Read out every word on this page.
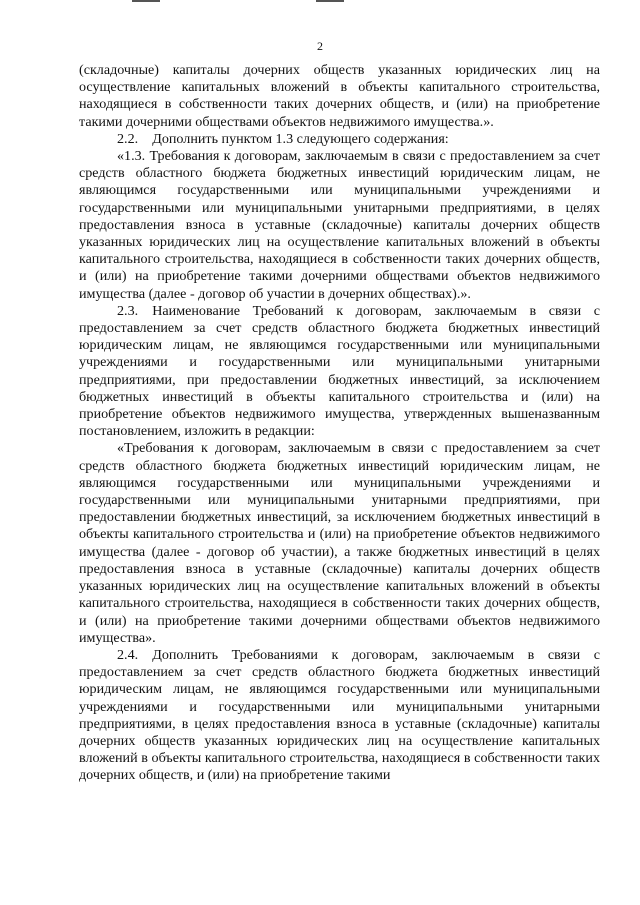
2

(складочные) капиталы дочерних обществ указанных юридических лиц на осуществление капитальных вложений в объекты капитального строительства, находящиеся в собственности таких дочерних обществ, и (или) на приобретение такими дочерними обществами объектов недвижимого имущества.».

2.2. Дополнить пунктом 1.3 следующего содержания:

«1.3. Требования к договорам, заключаемым в связи с предоставлением за счет средств областного бюджета бюджетных инвестиций юридическим лицам, не являющимся государственными или муниципальными учреждениями и государственными или муниципальными унитарными предприятиями, в целях предоставления взноса в уставные (складочные) капиталы дочерних обществ указанных юридических лиц на осуществление капитальных вложений в объекты капитального строительства, находящиеся в собственности таких дочерних обществ, и (или) на приобретение такими дочерними обществами объектов недвижимого имущества (далее - договор об участии в дочерних обществах).».

2.3. Наименование Требований к договорам, заключаемым в связи с предоставлением за счет средств областного бюджета бюджетных инвестиций юридическим лицам, не являющимся государственными или муниципальными учреждениями и государственными или муниципальными унитарными предприятиями, при предоставлении бюджетных инвестиций, за исключением бюджетных инвестиций в объекты капитального строительства и (или) на приобретение объектов недвижимого имущества, утвержденных вышеназванным постановлением, изложить в редакции:

«Требования к договорам, заключаемым в связи с предоставлением за счет средств областного бюджета бюджетных инвестиций юридическим лицам, не являющимся государственными или муниципальными учреждениями и государственными или муниципальными унитарными предприятиями, при предоставлении бюджетных инвестиций, за исключением бюджетных инвестиций в объекты капитального строительства и (или) на приобретение объектов недвижимого имущества (далее - договор об участии), а также бюджетных инвестиций в целях предоставления взноса в уставные (складочные) капиталы дочерних обществ указанных юридических лиц на осуществление капитальных вложений в объекты капитального строительства, находящиеся в собственности таких дочерних обществ, и (или) на приобретение такими дочерними обществами объектов недвижимого имущества».

2.4. Дополнить Требованиями к договорам, заключаемым в связи с предоставлением за счет средств областного бюджета бюджетных инвестиций юридическим лицам, не являющимся государственными или муниципальными учреждениями и государственными или муниципальными унитарными предприятиями, в целях предоставления взноса в уставные (складочные) капиталы дочерних обществ указанных юридических лиц на осуществление капитальных вложений в объекты капитального строительства, находящиеся в собственности таких дочерних обществ, и (или) на приобретение такими
